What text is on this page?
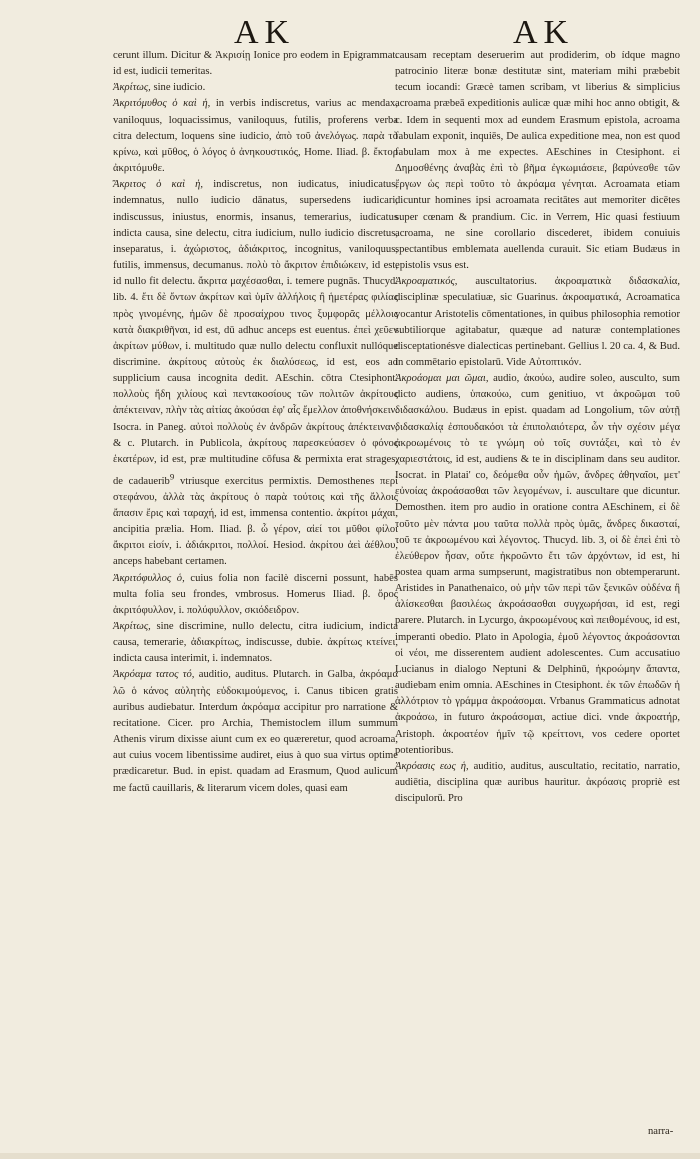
AK	AK

cerunt illum. Dicitur & Ἀκρισίῃ Ionice pro eodem in Epigrammat. id est, iudicii temeritas.

Ἀκρίτως, sine iudicio.

Ἀκριτόμυθος ὁ καὶ ἡ, in verbis indiscretus, varius ac mendax, vaniloquus, loquacissimus, vaniloquus, futilis, proferens verba citra delectum, loquens sine iudicio, ἀπὸ τοῦ ἀνελόγως. παρὰ τὸ κρίνω, καὶ μῦθος, ὁ λόγος ὁ ἀνηκουστικός, Home. Iliad. β. ἔκτορ ἀκριτόμυθε.

Ἄκριτος ὁ καὶ ἡ, indiscretus, non iudicatus, iniudicatus, indemnatus, nullo iudicio dānatus, supersedens iudicari, indiscussus, iniustus, enormis, insanus, temerarius, iudicatus indicta causa, sine delectu, citra iudicium, nullo iudicio discretus, inseparatus, i. ἀχώριστος, ἀδιάκριτος, incognitus, vaniloquus, futilis, immensus, decumanus. πολὺ τὸ ἄκριτον ἐπιδιώκειν, id est, id nullo fit delectu. ἄκριτα μαχέσασθαι, i. temere pugnās. Thucyd. lib. 4. ἔτι δὲ ὄντων ἀκρίτων καὶ ὑμῖν ἀλλήλοις ἢ ἡμετέρας φιλίας πρὸς γινομένης, ἡμῶν δὲ προσαίχρου τινος ξυμφορᾶς μέλλοις κατὰ διακριθῆναι, id est, dū adhuc anceps est euentus. ἐπεὶ χεῦεν ἀκρίτων μύθων, i. multitudo quæ nullo delectu confluxit nullóque discrimine. ἀκρίτους αὐτοὺς ἐκ διαλύσεως, id est, eos ad supplicium causa incognita dedit. AEschin. cōtra Ctesiphont. πολλοὺς ἤδη χιλίους καὶ πεντακοσίους τῶν πολιτῶν ἀκρίτους ἀπέκτειναν, πλὴν τὰς αἰτίας ἀκούσαι ἐφ' αἷς ἔμελλον ἀποθνήσκειν. Isocra. in Paneg. αὐτοὶ πολλοὺς ἐν ἀνδρῶν ἀκρίτους ἀπέκτειναν, & c. Plutarch. in Publicola, ἀκρίτους παρεσκεύασεν ὁ φόνος ἑκατέρων, id est, præ multitudine cōfusa & permixta erat strages, de cadauerib$^9$ vtriusque exercitus permixtis. Demosthenes περὶ στεφάνου, ἀλλὰ τὰς ἀκρίτους ὁ παρὰ τούτοις καὶ τῆς ἄλλοις ἄπασιν ἔρις καὶ ταραχή, id est, immensa contentio. ἀκρίτοι μάχαι, ancipitia prælia. Hom. Iliad. β. ὦ γέρον, αἰεί τοι μῦθοι φίλοι ἄκριτοι εἰσίν, i. ἀδιάκριτοι, πολλοί. Hesiod. ἀκρίτου ἀεὶ ἀέθλου, anceps habebant certamen.

Ἀκριτόφυλλος ὁ, cuius folia non facilè discerni possunt, habēs multa folia seu frondes, vmbrosus. Homerus Iliad. β. ὄρος ἀκριτόφυλλον, i. πολύφυλλον, σκιόδειδρον.

Ἀκρίτως, sine discrimine, nullo delectu, citra iudicium, indicta causa, temerarie, ἀδιακρίτως, indiscusse, dubie. ἀκρίτως κτείνει, indicta causa interimit, i. indemnatos.

Ἀκρόαμα τατος τό, auditio, auditus. Plutarch. in Galba, ἀκρόαμα λῶ ὁ κάνος αὐλητὴς εὐδοκιμούμενος, i. Canus tibicen gratis auribus audiebatur. Interdum ἀκρόαμα accipitur pro narratione & recitatione. Cicer. pro Archia, Themistoclem illum summum Athenis virum dixisse aiunt cum ex eo quæreretur, quod acroama, aut cuius vocem libentissime audiret, eius à quo sua virtus optime prædicaretur. Bud. in epist. quadam ad Erasmum, Quod aulicum me factū cauillaris, & literarum vicem doles, quasi eam

causam receptam deseruerim aut prodiderim, ob ídque magno patrocinio literæ bonæ destitutæ sint, materiam mihi præbebit tecum iocandi: Græcè tamen scribam, vt liberius & simplicius acroama præbeā expeditionis aulicæ quæ mihi hoc anno obtigit, & c. Idem in sequenti mox ad eundem Erasmum epistola, acroama fabulam exponit, inquiēs, De aulica expeditione mea, non est quod fabulam mox à me expectes. AEschines in Ctesiphont. εἰ Δημοσθένης ἀναβὰς ἐπὶ τὸ βῆμα ἐγκωμιάσειε, βαρύνεσθε τῶν ἔργων ὡς περὶ τοῦτο τὸ ἀκρόαμα γένηται. Acroamata etiam dicuntur homines ipsi acroamata recitātes aut memoriter dicētes super cœnam & prandium. Cic. in Verrem, Hic quasi festiuum acroama, ne sine corollario discederet, ibidem conuiuis spectantibus emblemata auellenda curauit. Sic etiam Budæus in epistolis vsus est.

Ἀκροαματικός, auscultatorius. ἀκροαματικὰ διδασκαλία, disciplinæ speculatiuæ, sic Guarinus. ἀκροαματικά, Acroamatica vocantur Aristotelis cōmentationes, in quibus philosophia remotior subtiliorque agitabatur, quæque ad naturæ contemplationes disceptationésve dialecticas pertinebant. Gellius l. 20 ca. 4, & Bud. in commētario epistolarū. Vide Αὐτοπτικόν.

Ἀκροάομαι μαι ῶμαι, audio, ἀκούω, audire soleo, ausculto, sum dicto audiens, ὑπακούω, cum genitiuo, vt ἀκροῶμαι τοῦ διδασκάλου. Budæus in epist. quadam ad Longolium, τῶν αὐτῇ διδασκαλίᾳ ἐσπουδακόσι τὰ ἐπιπολαιότερα, ὧν τὴν σχέσιν μέγα ἀκροωμένοις τὸ τε γνώμη οὐ τοῖς συντάξει, καὶ τὸ ἐν χαριεστάτοις, id est, audiens & te in disciplinam dans seu auditor. Isocrat. in Platai' co, δεόμεθα οὖν ἡμῶν, ἄνδρες ἀθηναῖοι, μετ' εὐνοίας ἀκροάσασθαι τῶν λεγομένων, i. auscultare que dicuntur. Demosthen. item pro audio in oratione contra AEschinem, εἰ δὲ τοῦτο μὲν πάντα μου ταῦτα πολλὰ πρὸς ὑμᾶς, ἄνδρες δικασταί, τοῦ τε ἀκροωμένου καὶ λέγοντος. Thucyd. lib. 3, οἱ δὲ ἐπεὶ ἐπὶ τὸ ἐλεύθερον ἦσαν, οὔτε ἠκροῶντο ἔτι τῶν ἀρχόντων, id est, hi postea quam arma sumpserunt, magistratibus non obtemperarunt. Aristides in Panathenaico, οὐ μὴν τῶν περὶ τῶν ξενικῶν οὐδένα ἢ ἁλίσκεσθαι βασιλέως ἀκροάσασθαι συγχωρήσαι, id est, regi parere. Plutarch. in Lycurgo, ἀκροωμένους καὶ πειθομένους, id est, imperanti obedio. Plato in Apologia, ἐμοῦ λέγοντος ἀκροάσονται οἱ νέοι, me disserentem audient adolescentes. Cum accusatiuo Lucianus in dialogo Neptuni & Delphinū, ἠκροώμην ἅπαντα, audiebam enim omnia. AEschines in Ctesiphont. ἐκ τῶν ἐπωδῶν ἡ ἀλλότριον τὸ γράμμα ἀκροάσομαι. Vrbanus Grammaticus adnotat ἀκροάσω, in futuro ἀκροάσομαι, actiue dici. vnde ἀκροατήρ, Aristoph. ἀκροατέον ἡμῖν τῷ κρείττονι, vos cedere oportet potentioribus.

Ἀκρόασις εως ἡ, auditio, auditus, auscultatio, recitatio, narratio, audiētia, disciplina quæ auribus hauritur. ἀκρόασις propriè est discipulorū. Pro

narra-
